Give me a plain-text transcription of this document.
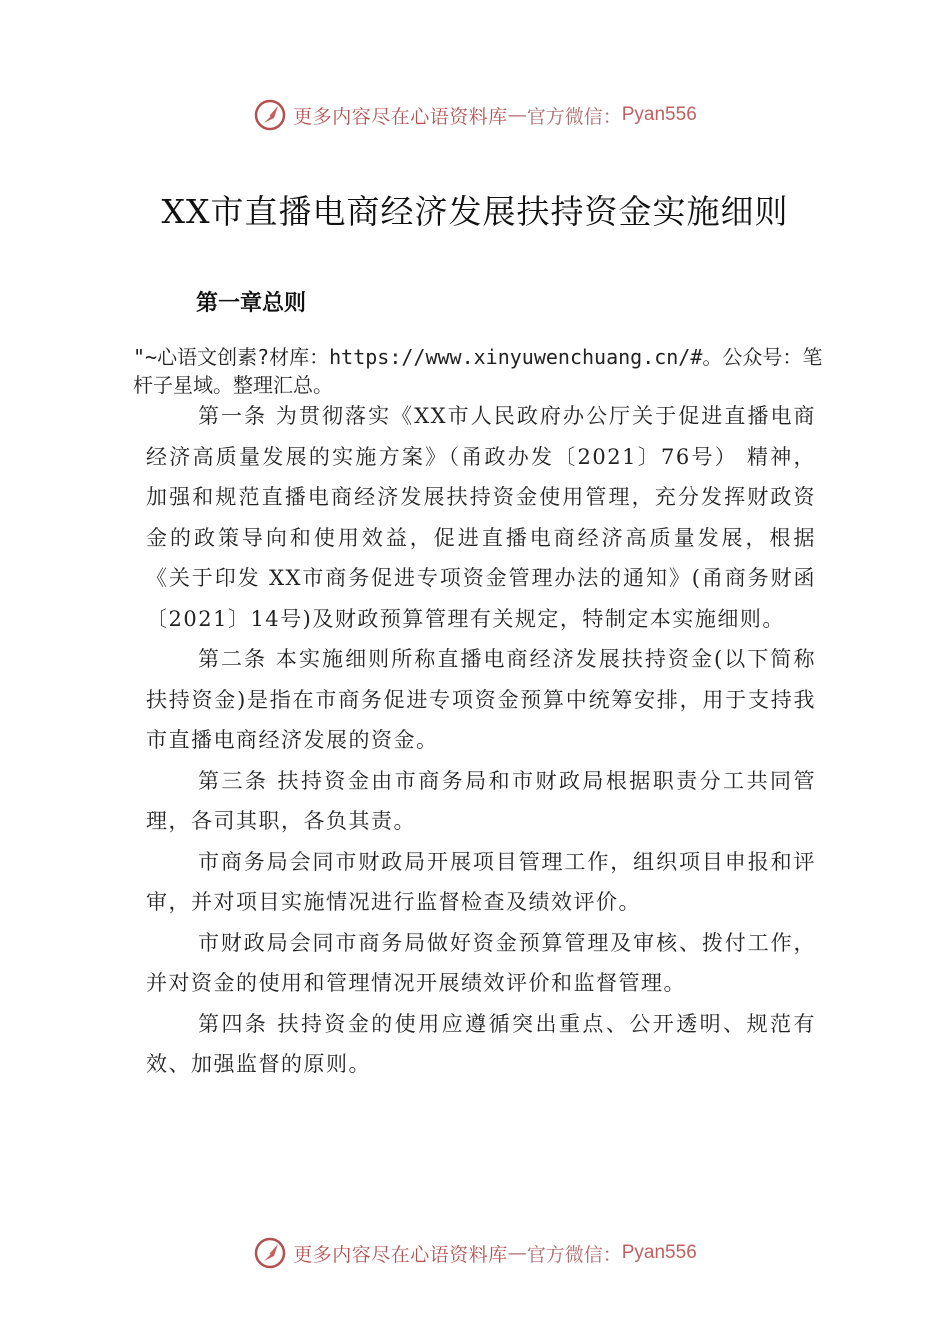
更多内容尽在心语资料库 — 官方微信： Pyan556
XX市直播电商经济发展扶持资金实施细则
第一章总则

"~心语文创素?材库：https://www.xinyuwenchuang.cn/#。公众号：笔杆子星域。整理汇总。

第一条 为贯彻落实《XX市人民政府办公厅关于促进直播电商经济高质量发展的实施方案》（甬政办发〔2021〕76号） 精神，加强和规范直播电商经济发展扶持资金使用管理，充分发挥财政资金的政策导向和使用效益，促进直播电商经济高质量发展，根据《关于印发 XX市商务促进专项资金管理办法的通知》(甬商务财函〔2021〕14号)及财政预算管理有关规定，特制定本实施细则。

第二条 本实施细则所称直播电商经济发展扶持资金(以下简称扶持资金)是指在市商务促进专项资金预算中统筹安排，用于支持我市直播电商经济发展的资金。

第三条 扶持资金由市商务局和市财政局根据职责分工共同管理，各司其职，各负其责。

市商务局会同市财政局开展项目管理工作，组织项目申报和评审，并对项目实施情况进行监督检查及绩效评价。

市财政局会同市商务局做好资金预算管理及审核、拨付工作，并对资金的使用和管理情况开展绩效评价和监督管理。

第四条 扶持资金的使用应遵循突出重点、公开透明、规范有效、加强监督的原则。

更多内容尽在心语资料库 — 官方微信： Pyan556
